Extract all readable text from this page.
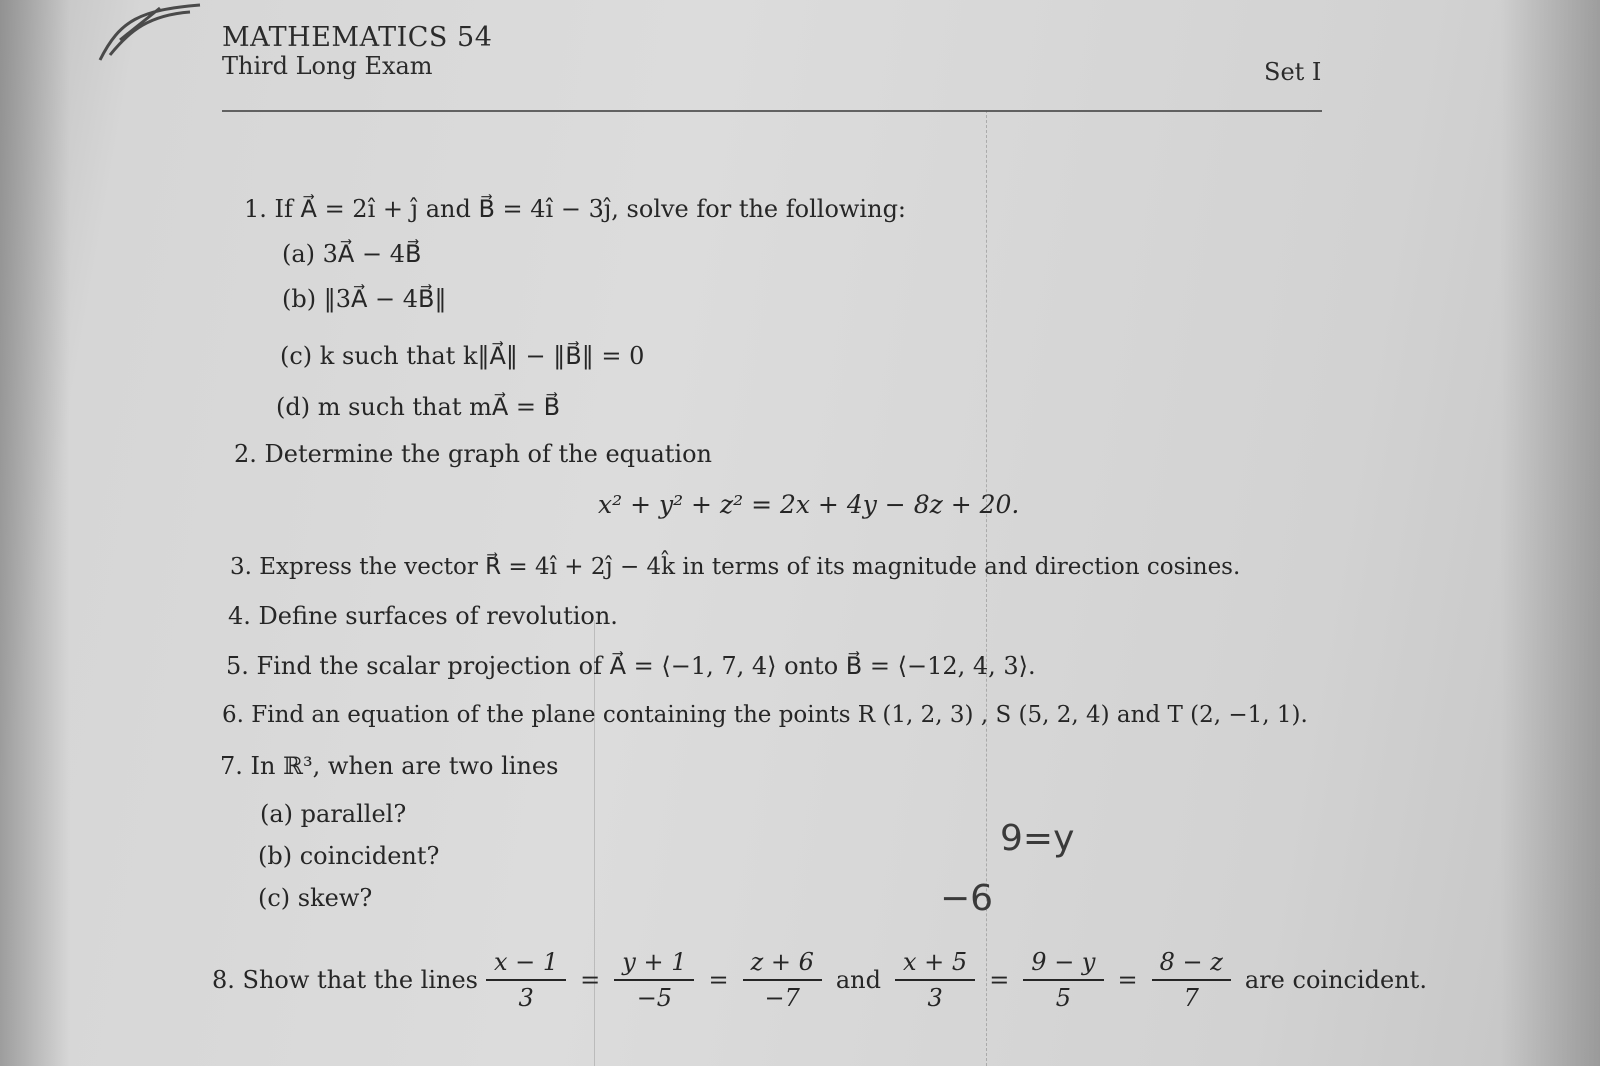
MATHEMATICS 54
Third Long Exam	Set I
1. If A⃗ = 2î + ĵ and B⃗ = 4î − 3ĵ, solve for the following:
(a) 3A⃗ − 4B⃗
(b) ‖3A⃗ − 4B⃗‖
(c) k such that k‖A⃗‖ − ‖B⃗‖ = 0
(d) m such that mA⃗ = B⃗
2. Determine the graph of the equation
x² + y² + z² = 2x + 4y − 8z + 20.
3. Express the vector R⃗ = 4î + 2ĵ − 4k̂ in terms of its magnitude and direction cosines.
4. Define surfaces of revolution.
5. Find the scalar projection of A⃗ = ⟨−1, 7, 4⟩ onto B⃗ = ⟨−12, 4, 3⟩.
6. Find an equation of the plane containing the points R (1, 2, 3) , S (5, 2, 4) and T (2, −1, 1).
7. In ℝ³, when are two lines
(a) parallel?
(b) coincident?
(c) skew?
9=y
−6
8. Show that the lines $\frac{x - 1}{3} = \frac{y + 1}{-5} = \frac{z + 6}{-7}$ and $\frac{x + 5}{3} = \frac{9 - y}{5} = \frac{8 - z}{7}$ are coincident.
